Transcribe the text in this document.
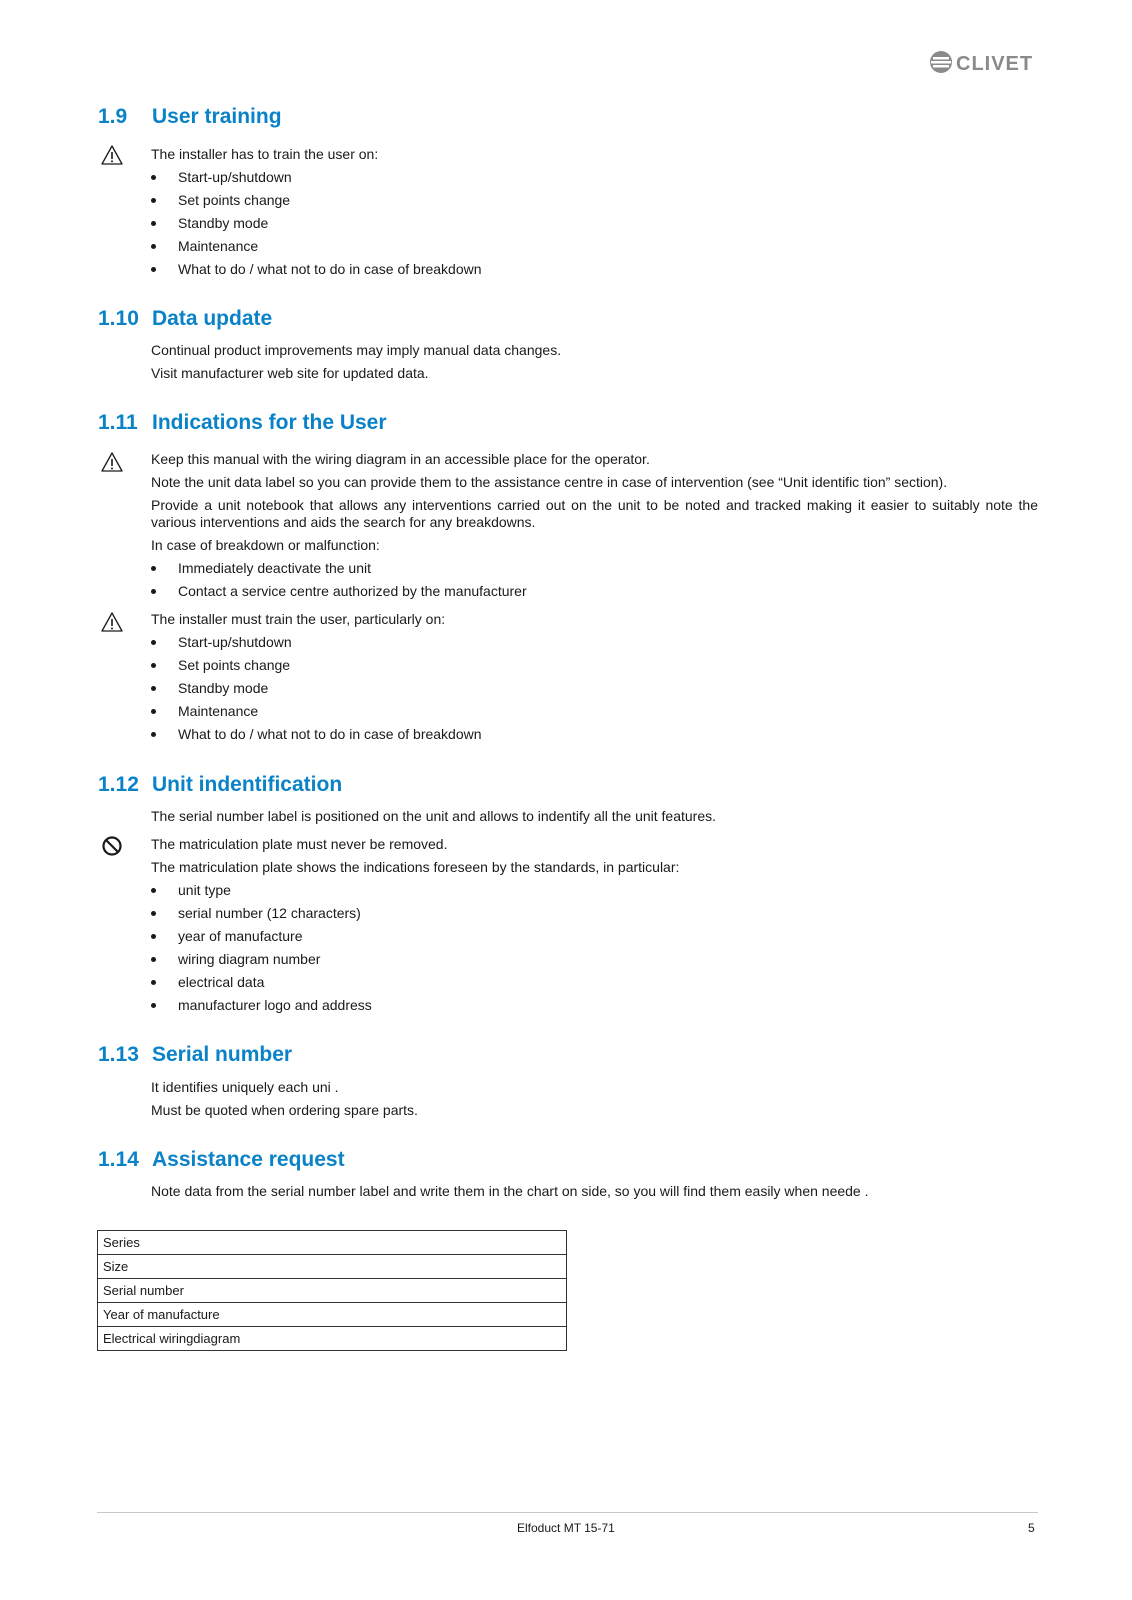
CLIVET
1.9 User training
The installer has to train the user on:
Start-up/shutdown
Set points change
Standby mode
Maintenance
What to do / what not to do in case of breakdown
1.10 Data update
Continual product improvements may imply manual data changes.
Visit manufacturer web site for updated data.
1.11 Indications for the User
Keep this manual with the wiring diagram in an accessible place for the operator.
Note the unit data label so you can provide them to the assistance centre in case of intervention (see “Unit identific tion” section).
Provide a unit notebook that allows any interventions carried out on the unit to be noted and tracked making it easier to suitably note the various interventions and aids the search for any breakdowns.
In case of breakdown or malfunction:
Immediately deactivate the unit
Contact a service centre authorized by the manufacturer
The installer must train the user, particularly on:
Start-up/shutdown
Set points change
Standby mode
Maintenance
What to do / what not to do in case of breakdown
1.12 Unit indentification
The serial number label is positioned on the unit and allows to indentify all the unit features.
The matriculation plate must never be removed.
The matriculation plate shows the indications foreseen by the standards, in particular:
unit type
serial number (12 characters)
year of manufacture
wiring diagram number
electrical data
manufacturer logo and address
1.13 Serial number
It identifies uniquely each uni .
Must be quoted when ordering spare parts.
1.14 Assistance request
Note data from the serial number label and write them in the chart on side, so you will find them easily when neede .
Series
Size
Serial number
Year of manufacture
Electrical wiringdiagram
Elfoduct MT 15-71	5
